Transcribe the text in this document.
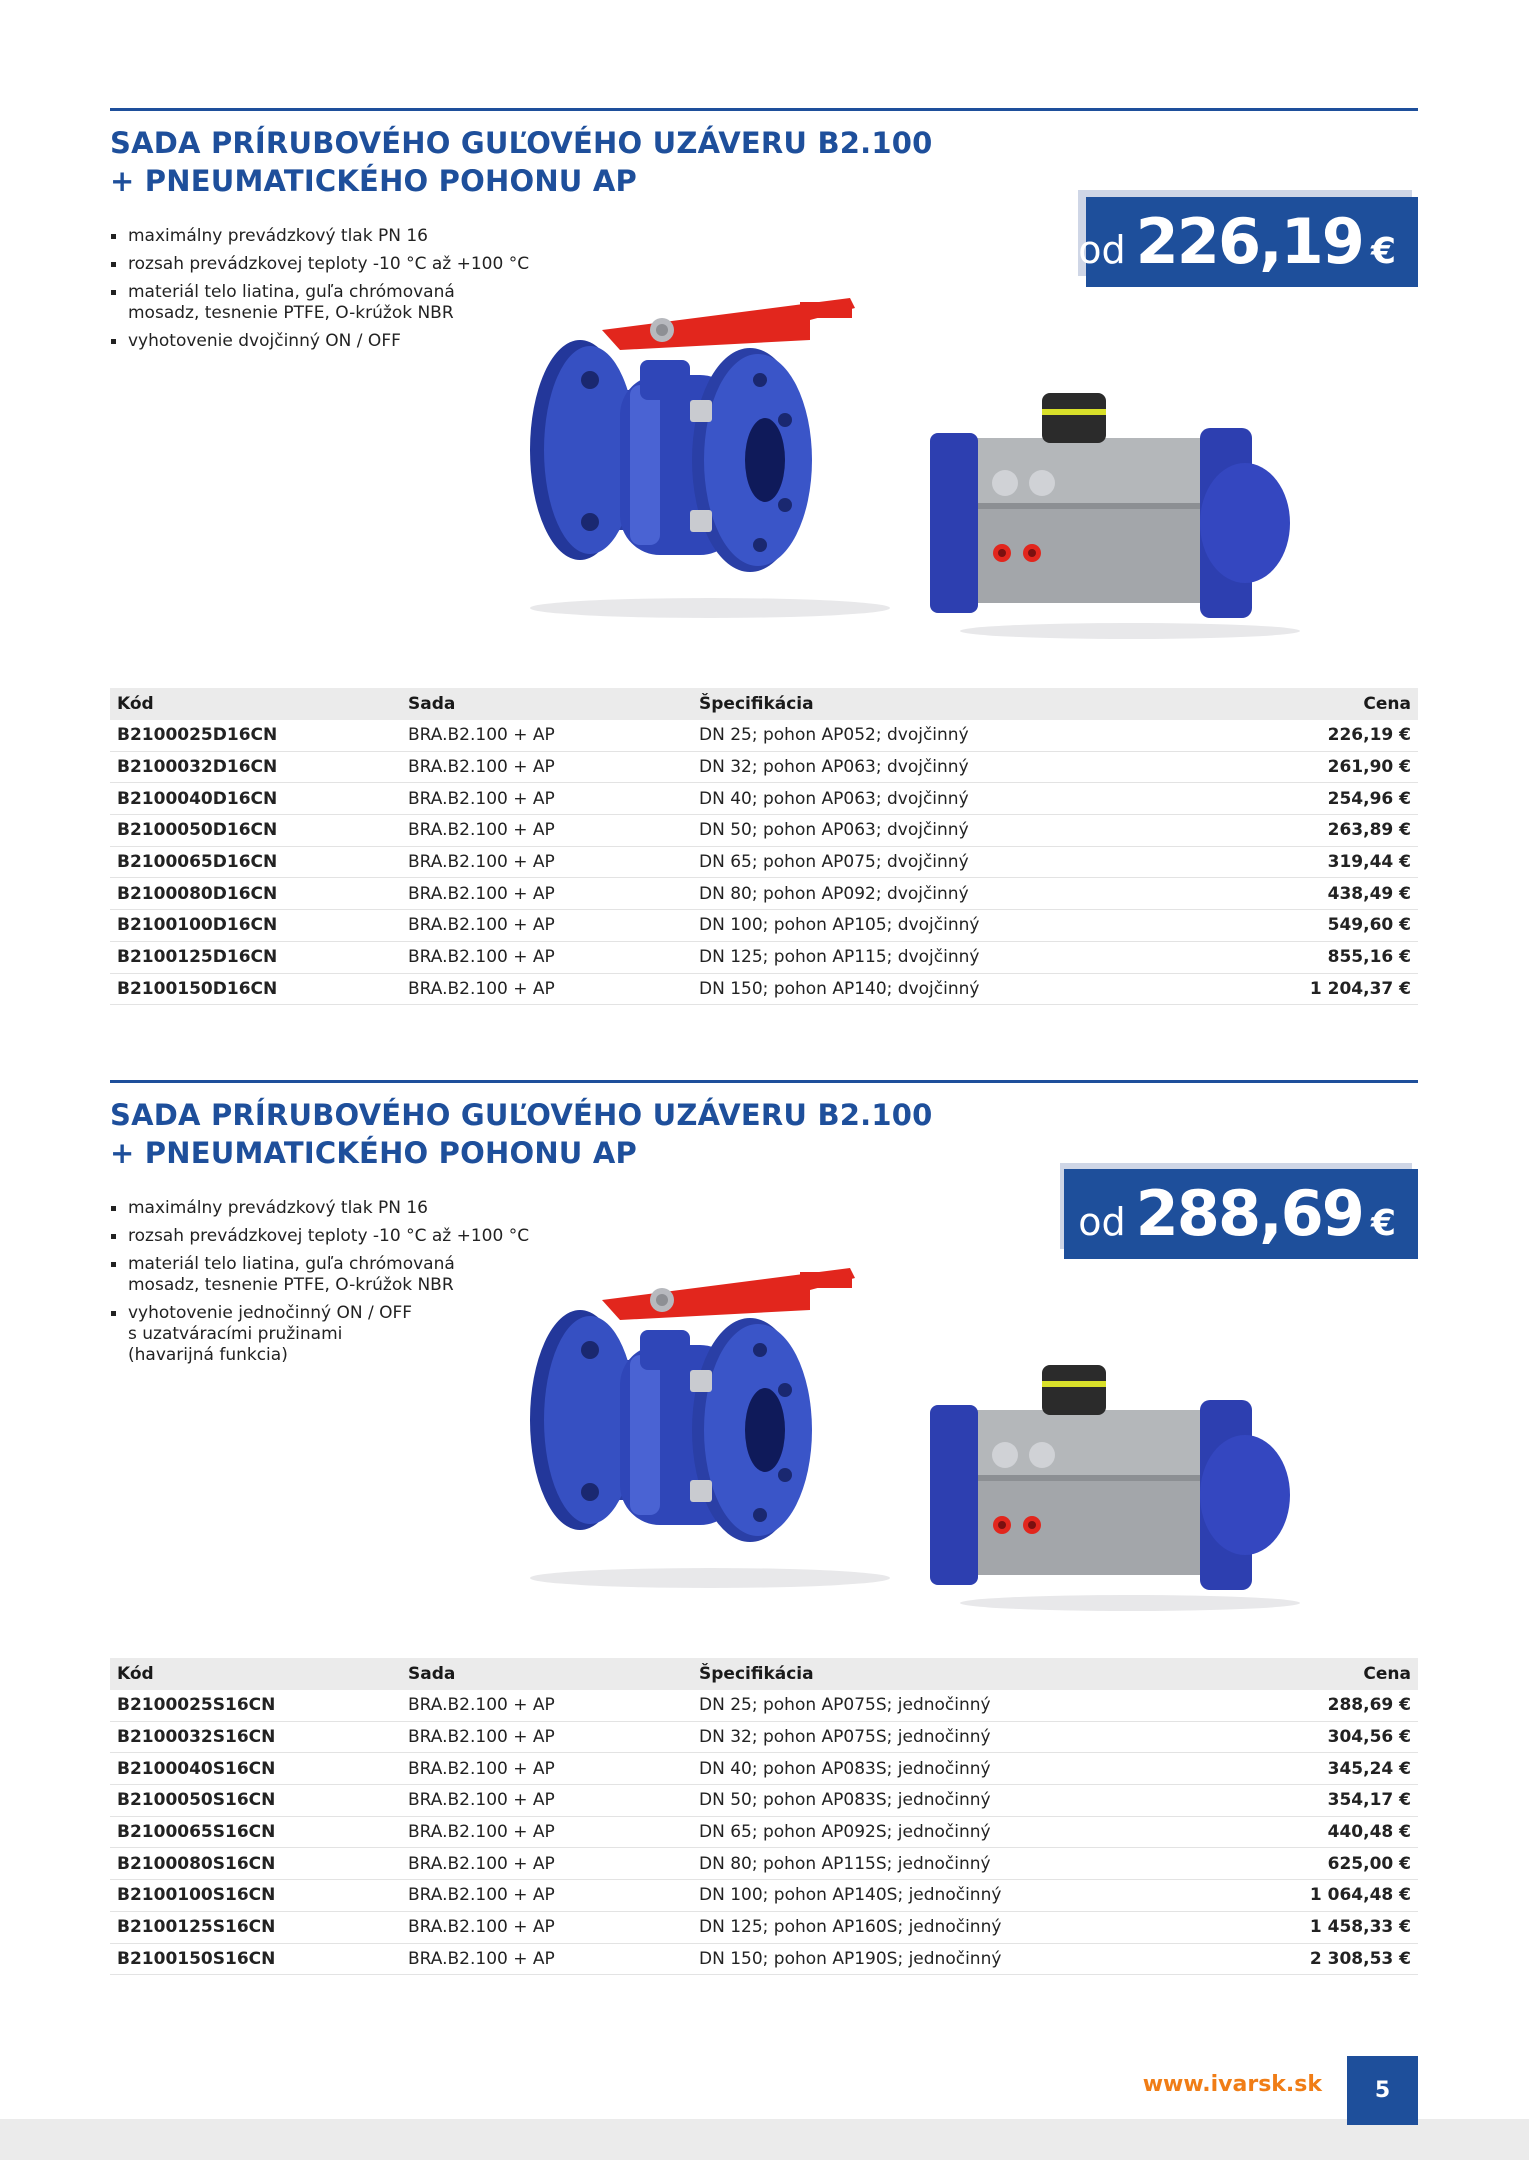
SADA PRÍRUBOVÉHO GUĽOVÉHO UZÁVERU B2.100
+ PNEUMATICKÉHO POHONU AP
maximálny prevádzkový tlak PN 16
rozsah prevádzkovej teploty -10 °C až +100 °C
materiál telo liatina, guľa chrómovaná
mosadz, tesnenie PTFE, O-krúžok NBR
vyhotovenie dvojčinný ON / OFF
od 226,19 €
Kód	Sada	Špecifikácia	Cena
B2100025D16CN	BRA.B2.100 + AP	DN 25; pohon AP052; dvojčinný	226,19 €
B2100032D16CN	BRA.B2.100 + AP	DN 32; pohon AP063; dvojčinný	261,90 €
B2100040D16CN	BRA.B2.100 + AP	DN 40; pohon AP063; dvojčinný	254,96 €
B2100050D16CN	BRA.B2.100 + AP	DN 50; pohon AP063; dvojčinný	263,89 €
B2100065D16CN	BRA.B2.100 + AP	DN 65; pohon AP075; dvojčinný	319,44 €
B2100080D16CN	BRA.B2.100 + AP	DN 80; pohon AP092; dvojčinný	438,49 €
B2100100D16CN	BRA.B2.100 + AP	DN 100; pohon AP105; dvojčinný	549,60 €
B2100125D16CN	BRA.B2.100 + AP	DN 125; pohon AP115; dvojčinný	855,16 €
B2100150D16CN	BRA.B2.100 + AP	DN 150; pohon AP140; dvojčinný	1 204,37 €
SADA PRÍRUBOVÉHO GUĽOVÉHO UZÁVERU B2.100
+ PNEUMATICKÉHO POHONU AP
maximálny prevádzkový tlak PN 16
rozsah prevádzkovej teploty -10 °C až +100 °C
materiál telo liatina, guľa chrómovaná
mosadz, tesnenie PTFE, O-krúžok NBR
vyhotovenie jednočinný ON / OFF
s uzatváracími pružinami
(havarijná funkcia)
od 288,69 €
Kód	Sada	Špecifikácia	Cena
B2100025S16CN	BRA.B2.100 + AP	DN 25; pohon AP075S; jednočinný	288,69 €
B2100032S16CN	BRA.B2.100 + AP	DN 32; pohon AP075S; jednočinný	304,56 €
B2100040S16CN	BRA.B2.100 + AP	DN 40; pohon AP083S; jednočinný	345,24 €
B2100050S16CN	BRA.B2.100 + AP	DN 50; pohon AP083S; jednočinný	354,17 €
B2100065S16CN	BRA.B2.100 + AP	DN 65; pohon AP092S; jednočinný	440,48 €
B2100080S16CN	BRA.B2.100 + AP	DN 80; pohon AP115S; jednočinný	625,00 €
B2100100S16CN	BRA.B2.100 + AP	DN 100; pohon AP140S; jednočinný	1 064,48 €
B2100125S16CN	BRA.B2.100 + AP	DN 125; pohon AP160S; jednočinný	1 458,33 €
B2100150S16CN	BRA.B2.100 + AP	DN 150; pohon AP190S; jednočinný	2 308,53 €
www.ivarsk.sk	5
